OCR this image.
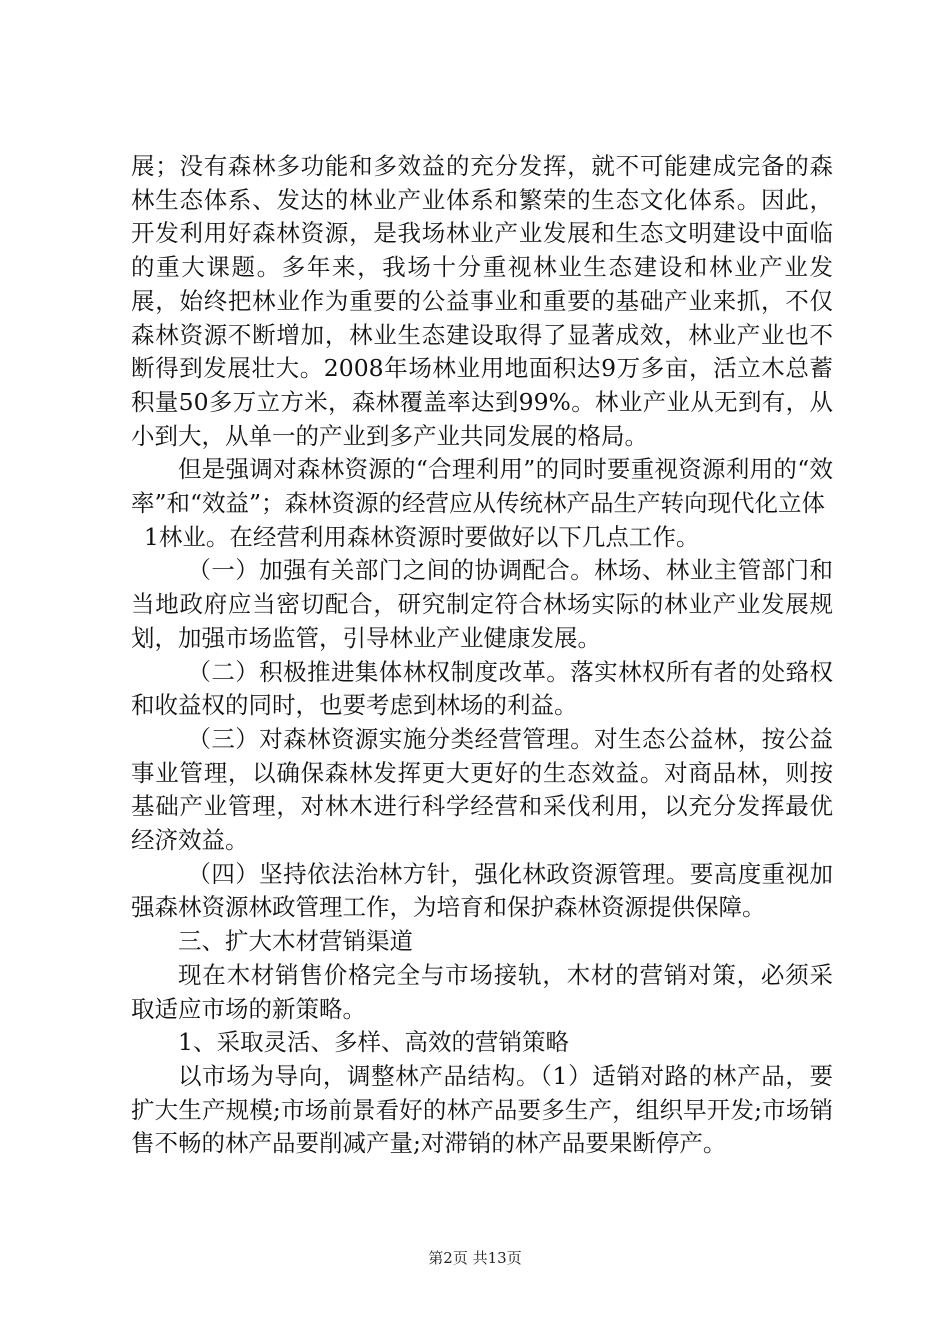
展；没有森林多功能和多效益的充分发挥，就不可能建成完备的森林生态体系、发达的林业产业体系和繁荣的生态文化体系。因此，开发利用好森林资源，是我场林业产业发展和生态文明建设中面临的重大课题。多年来，我场十分重视林业生态建设和林业产业发展，始终把林业作为重要的公益事业和重要的基础产业来抓，不仅森林资源不断增加，林业生态建设取得了显著成效，林业产业也不断得到发展壮大。2008年场林业用地面积达9万多亩，活立木总蓄积量50多万立方米，森林覆盖率达到99%。林业产业从无到有，从小到大，从单一的产业到多产业共同发展的格局。

但是强调对森林资源的“合理利用”的同时要重视资源利用的“效率”和“效益”；森林资源的经营应从传统林产品生产转向现代化立体

1林业。在经营利用森林资源时要做好以下几点工作。

（一）加强有关部门之间的协调配合。林场、林业主管部门和当地政府应当密切配合，研究制定符合林场实际的林业产业发展规划，加强市场监管，引导林业产业健康发展。

（二）积极推进集体林权制度改革。落实林权所有者的处臵权和收益权的同时，也要考虑到林场的利益。

（三）对森林资源实施分类经营管理。对生态公益林，按公益事业管理，以确保森林发挥更大更好的生态效益。对商品林，则按基础产业管理，对林木进行科学经营和采伐利用，以充分发挥最优经济效益。

（四）坚持依法治林方针，强化林政资源管理。要高度重视加强森林资源林政管理工作，为培育和保护森林资源提供保障。

三、扩大木材营销渠道

现在木材销售价格完全与市场接轨，木材的营销对策，必须采取适应市场的新策略。

1、采取灵活、多样、高效的营销策略

以市场为导向，调整林产品结构。（1）适销对路的林产品，要扩大生产规模;市场前景看好的林产品要多生产，组织早开发;市场销售不畅的林产品要削减产量;对滞销的林产品要果断停产。

第2页 共13页
